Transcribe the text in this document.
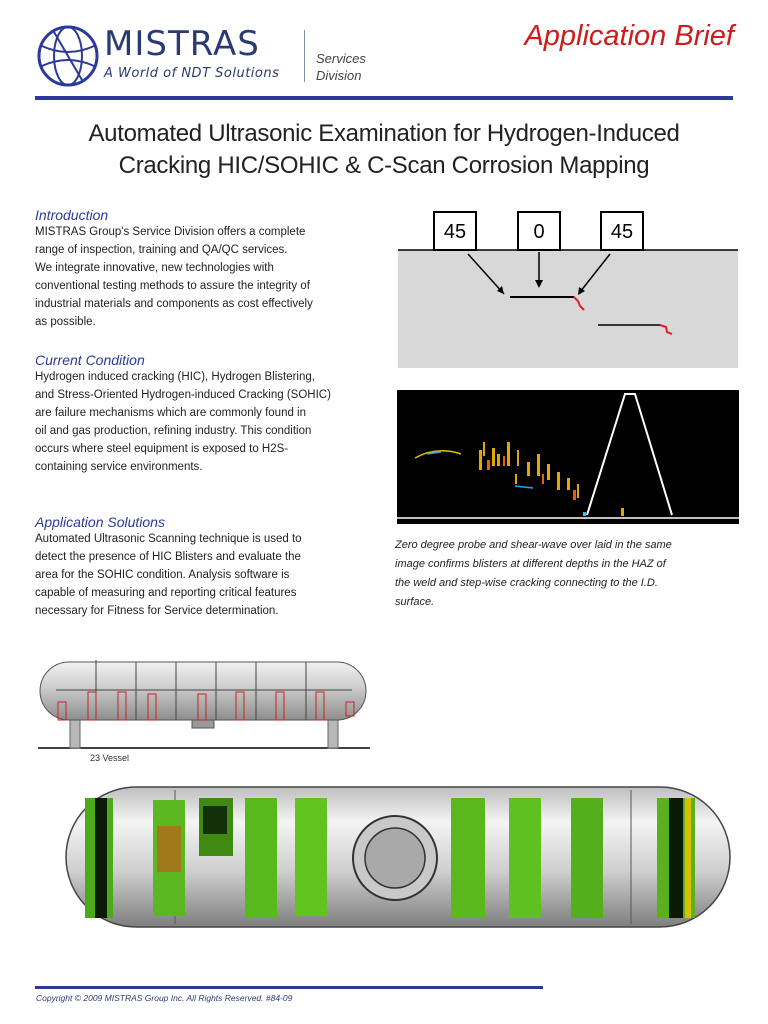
MISTRAS
A World of NDT Solutions
Services
Division
Application Brief
Automated Ultrasonic Examination for Hydrogen-Induced
Cracking HIC/SOHIC & C-Scan Corrosion Mapping
Introduction
MISTRAS Group's Service Division offers a complete
range of inspection, training and QA/QC services.
We integrate innovative, new technologies with
conventional testing methods to assure the integrity of
industrial materials and components as cost effectively
as possible.
Current Condition
Hydrogen induced cracking (HIC), Hydrogen Blistering,
and Stress-Oriented Hydrogen-induced Cracking (SOHIC)
are failure mechanisms which are commonly found in
oil and gas production, refining industry. This condition
occurs where steel equipment is exposed to H2S-
containing service environments.
Application Solutions
Automated Ultrasonic Scanning technique is used to
detect the presence of HIC Blisters and evaluate the
area for the SOHIC condition. Analysis software is
capable of measuring and reporting critical features
necessary for Fitness for Service determination.
45	0	45
Zero degree probe and shear-wave over laid in the same
image confirms blisters at different depths in the HAZ of
the weld and step-wise cracking connecting to the I.D.
surface.
23 Vessel
Copyright © 2009 MISTRAS Group Inc. All Rights Reserved. #84-09
